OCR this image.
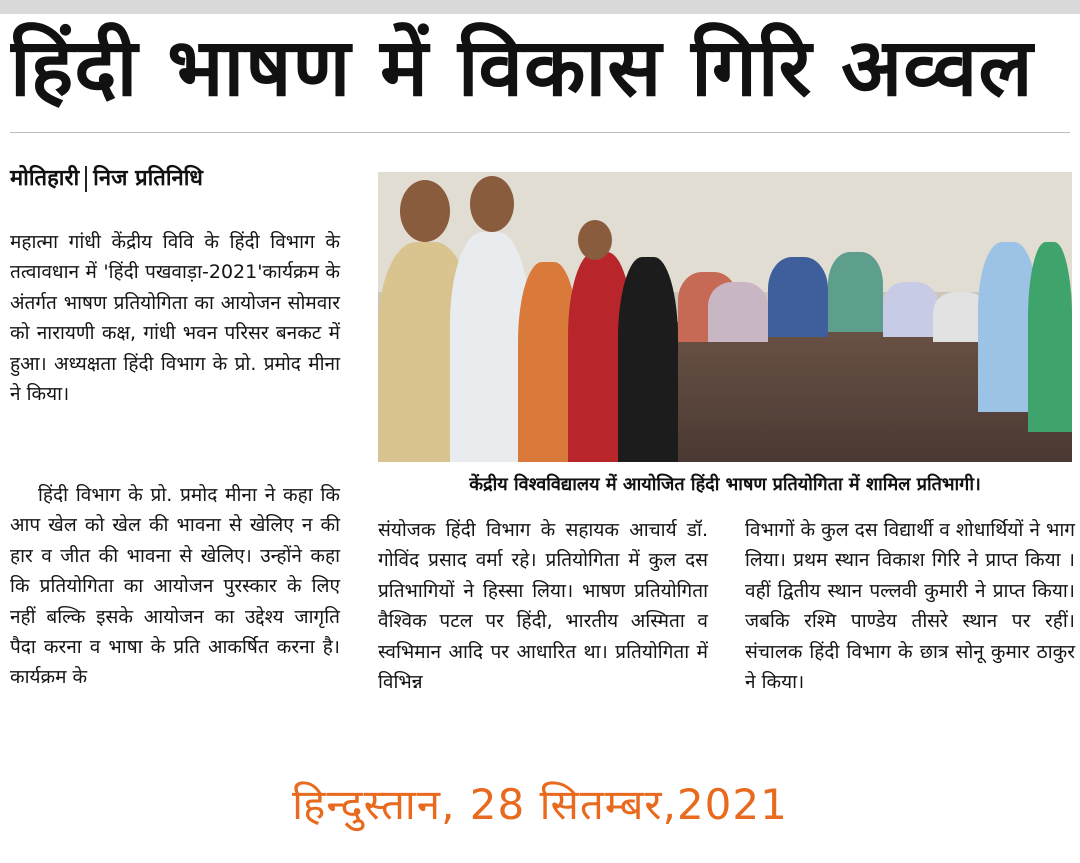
हिंदी भाषण में विकास गिरि अव्वल
मोतिहारी निज प्रतिनिधि

महात्मा गांधी केंद्रीय विवि के हिंदी विभाग के तत्वावधान में 'हिंदी पखवाड़ा-2021'कार्यक्रम के अंतर्गत भाषण प्रतियोगिता का आयोजन सोमवार को नारायणी कक्ष, गांधी भवन परिसर बनकट में हुआ। अध्यक्षता हिंदी विभाग के प्रो. प्रमोद मीना ने किया।

हिंदी विभाग के प्रो. प्रमोद मीना ने कहा कि आप खेल को खेल की भावना से खेलिए न की हार व जीत की भावना से खेलिए। उन्होंने कहा कि प्रतियोगिता का आयोजन पुरस्कार के लिए नहीं बल्कि इसके आयोजन का उद्देश्य जागृति पैदा करना व भाषा के प्रति आकर्षित करना है।कार्यक्रम के

केंद्रीय विश्वविद्यालय में आयोजित हिंदी भाषण प्रतियोगिता में शामिल प्रतिभागी।

संयोजक हिंदी विभाग के सहायक आचार्य डॉ. गोविंद प्रसाद वर्मा रहे। प्रतियोगिता में कुल दस प्रतिभागियों ने हिस्सा लिया। भाषण प्रतियोगिता वैश्विक पटल पर हिंदी, भारतीय अस्मिता व स्वभिमान आदि पर आधारित था। प्रतियोगिता में विभिन्न

विभागों के कुल दस विद्यार्थी व शोधार्थियों ने भाग लिया। प्रथम स्थान विकाश गिरि ने प्राप्त किया । वहीं द्वितीय स्थान पल्लवी कुमारी ने प्राप्त किया। जबकि रश्मि पाण्डेय तीसरे स्थान पर रहीं। संचालक हिंदी विभाग के छात्र सोनू कुमार ठाकुर ने किया।

हिन्दुस्तान, 28 सितम्बर,2021
